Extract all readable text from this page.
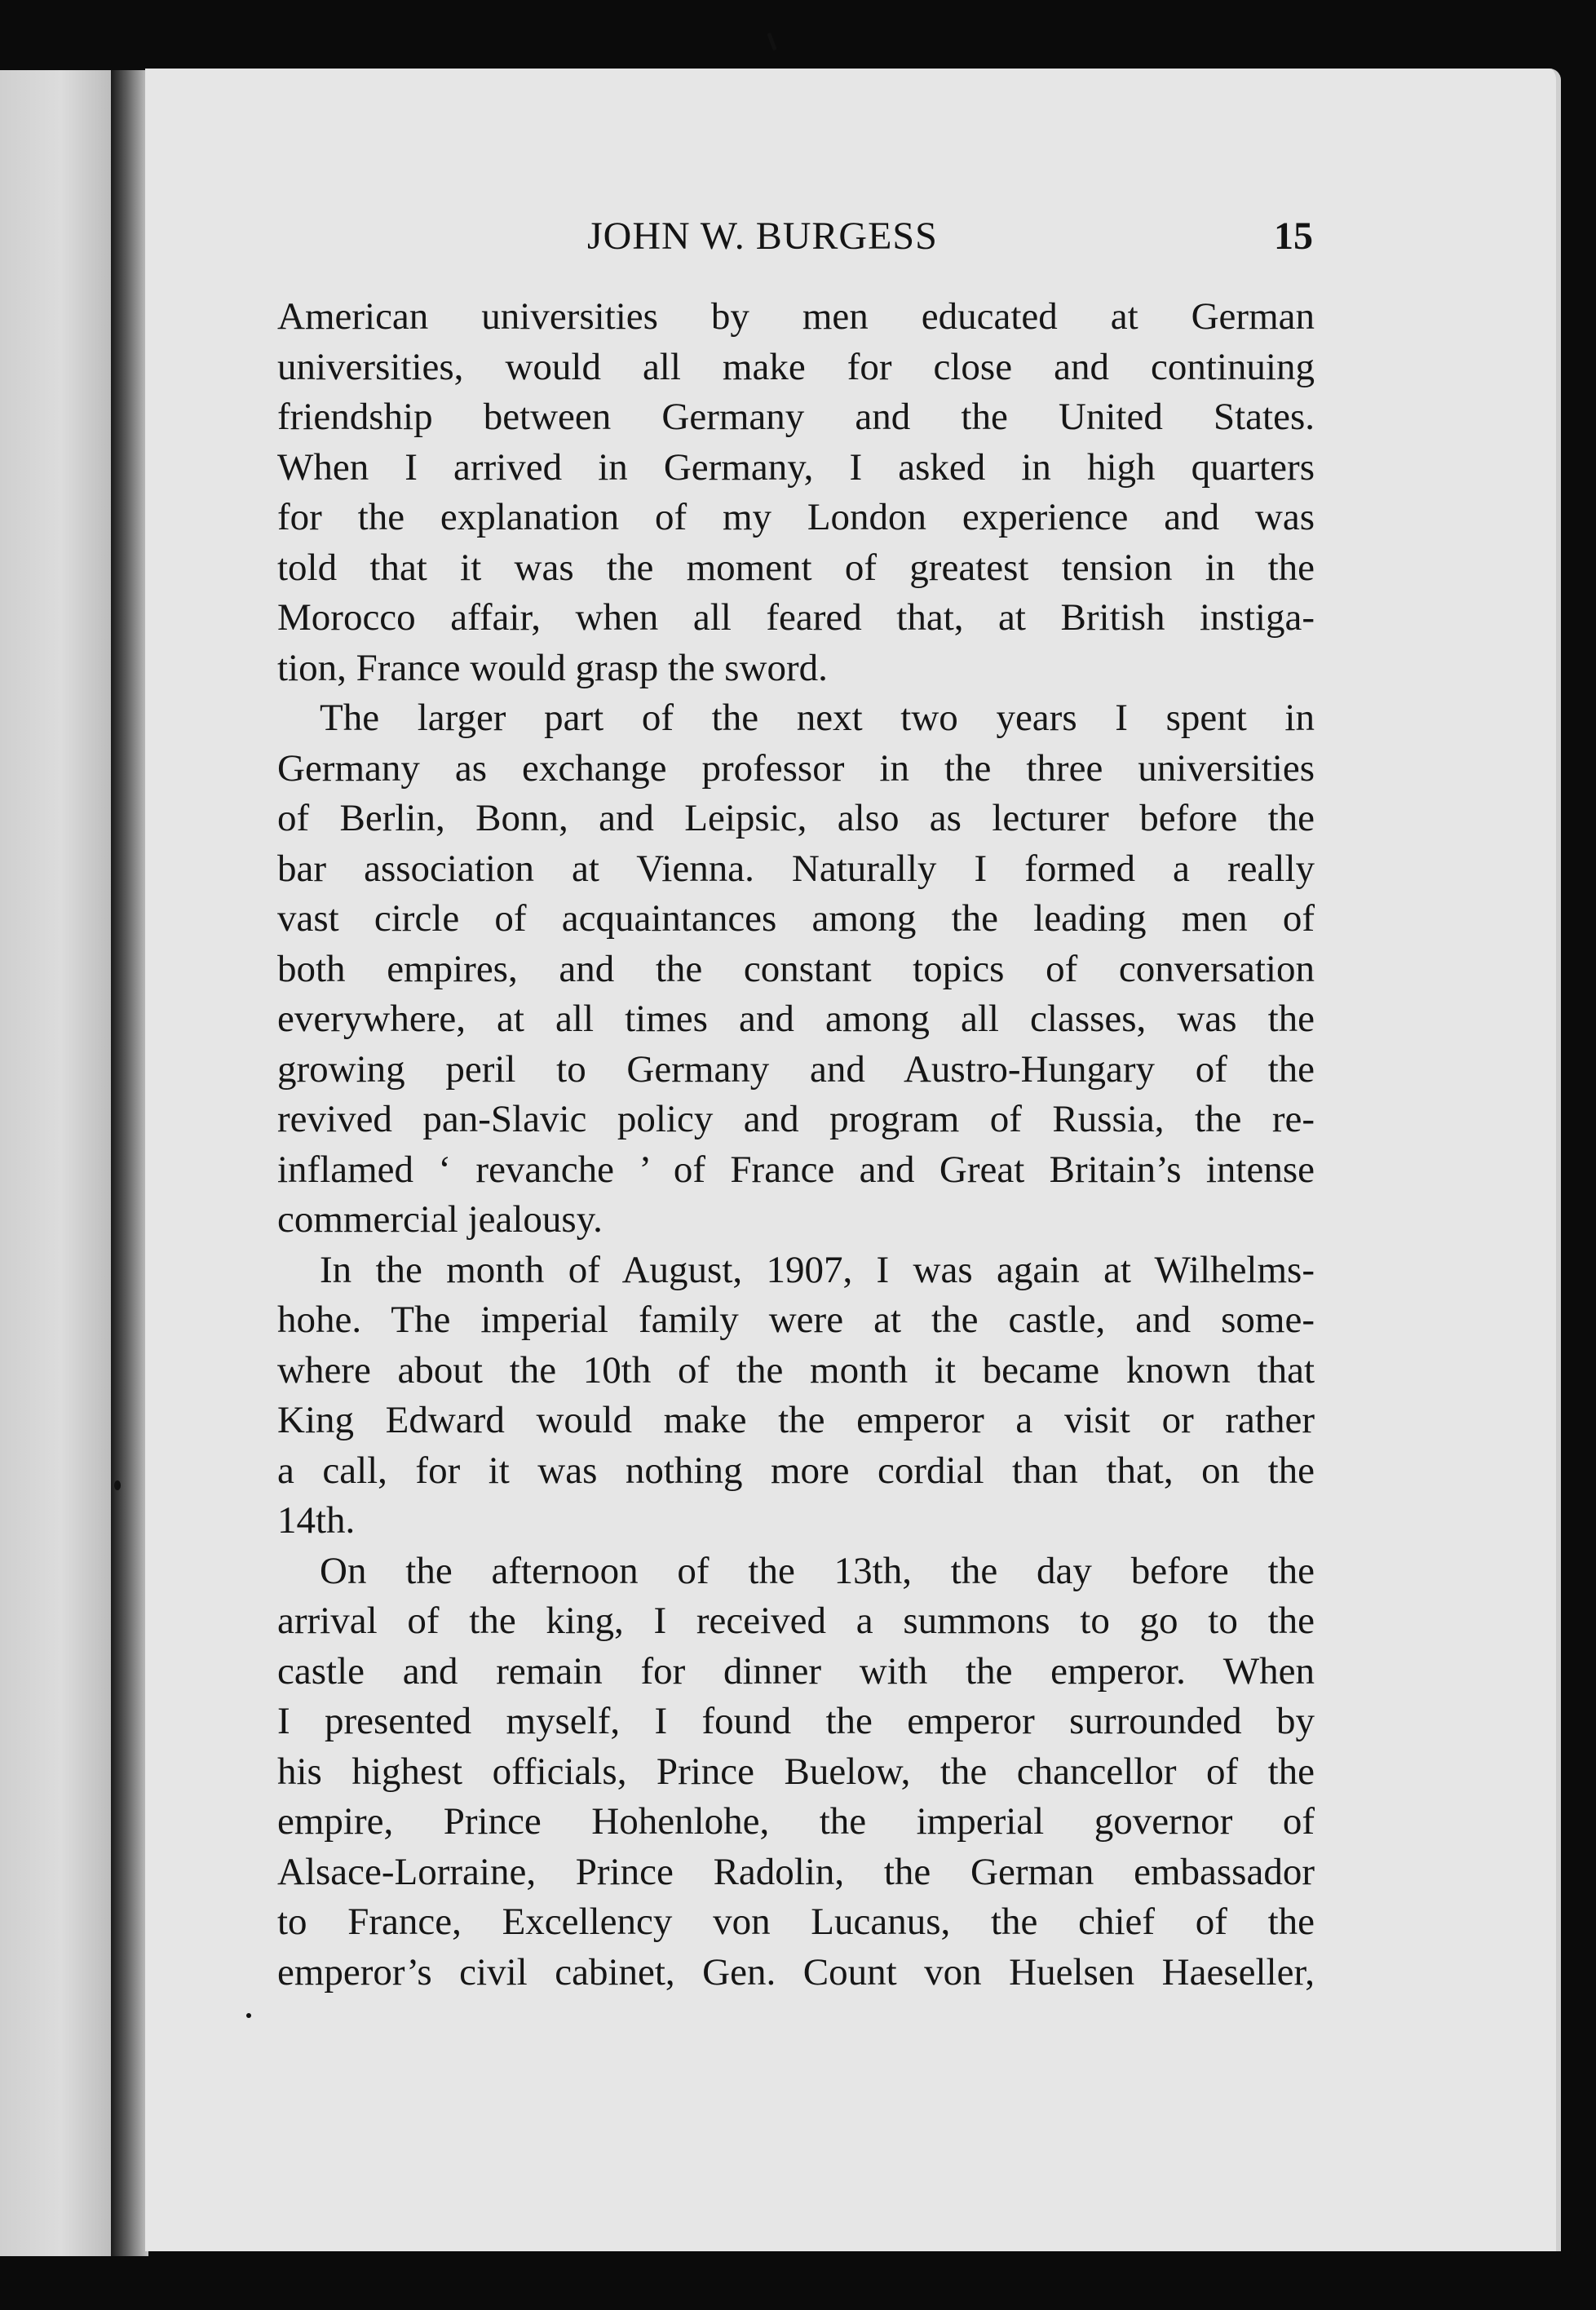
JOHN W. BURGESS	15
American universities by men educated at German
universities, would all make for close and continuing
friendship between Germany and the United States.
When I arrived in Germany, I asked in high quarters
for the explanation of my London experience and was
told that it was the moment of greatest tension in the
Morocco affair, when all feared that, at British instiga-
tion, France would grasp the sword.
The larger part of the next two years I spent in
Germany as exchange professor in the three universities
of Berlin, Bonn, and Leipsic, also as lecturer before the
bar association at Vienna. Naturally I formed a really
vast circle of acquaintances among the leading men of
both empires, and the constant topics of conversation
everywhere, at all times and among all classes, was the
growing peril to Germany and Austro-Hungary of the
revived pan-Slavic policy and program of Russia, the re-
inflamed ‘ revanche ’ of France and Great Britain’s intense
commercial jealousy.
In the month of August, 1907, I was again at Wilhelms-
hohe. The imperial family were at the castle, and some-
where about the 10th of the month it became known that
King Edward would make the emperor a visit or rather
a call, for it was nothing more cordial than that, on the
14th.
On the afternoon of the 13th, the day before the
arrival of the king, I received a summons to go to the
castle and remain for dinner with the emperor. When
I presented myself, I found the emperor surrounded by
his highest officials, Prince Buelow, the chancellor of the
empire, Prince Hohenlohe, the imperial governor of
Alsace-Lorraine, Prince Radolin, the German embassador
to France, Excellency von Lucanus, the chief of the
emperor’s civil cabinet, Gen. Count von Huelsen Haeseller,
